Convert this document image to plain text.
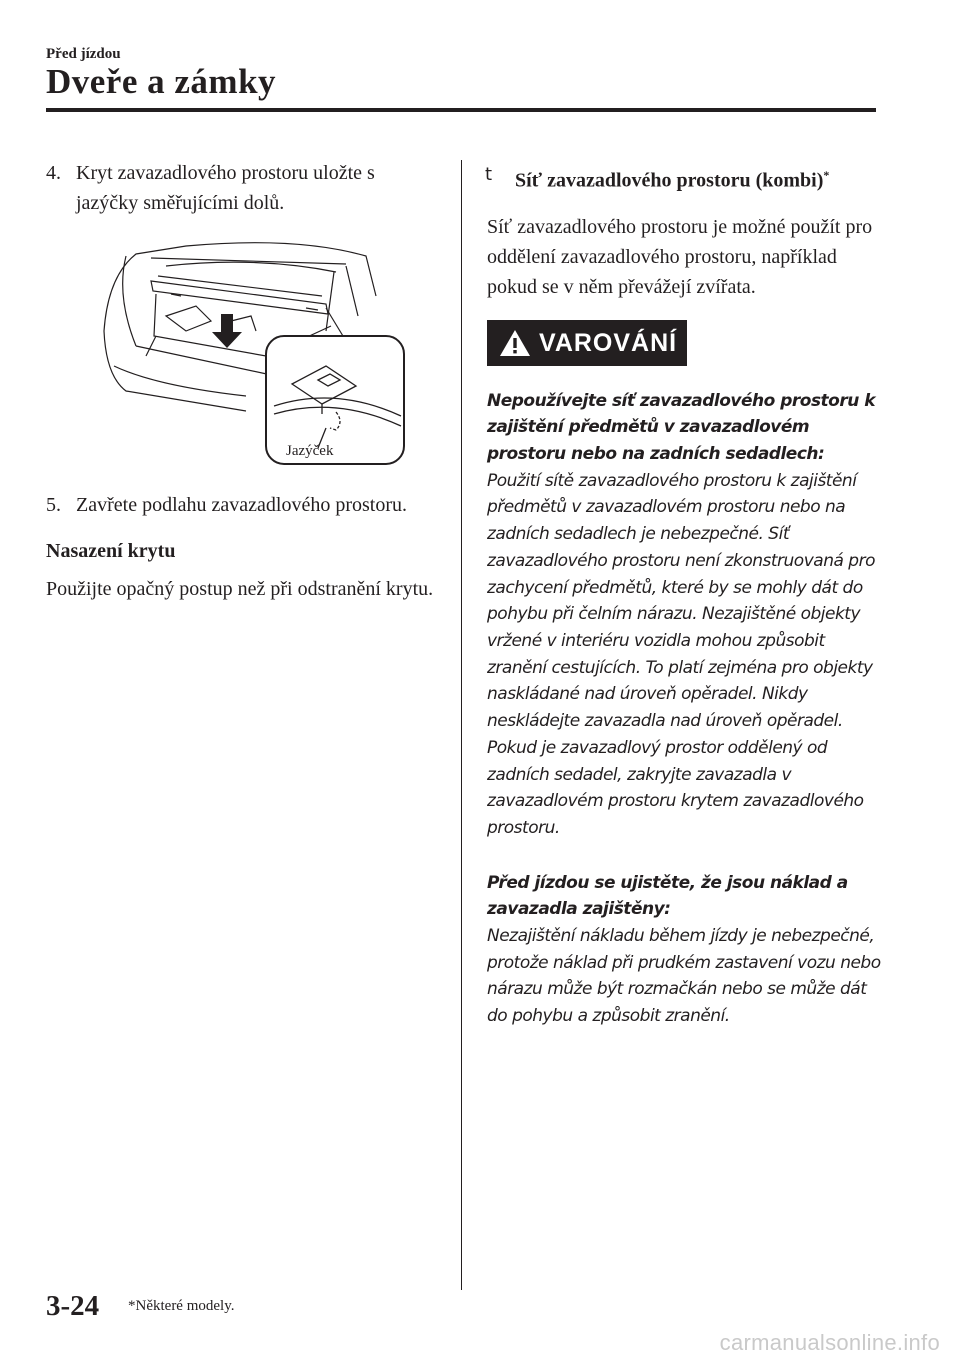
Před jízdou
Dveře a zámky
4. Kryt zavazadlového prostoru uložte s jazýčky směřujícími dolů.
Jazýček
5. Zavřete podlahu zavazadlového prostoru.
Nasazení krytu
Použijte opačný postup než při odstranění krytu.
t Síť zavazadlového prostoru (kombi)*
Síť zavazadlového prostoru je možné použít pro oddělení zavazadlového prostoru, například pokud se v něm převážejí zvířata.
VAROVÁNÍ
Nepoužívejte síť zavazadlového prostoru k zajištění předmětů v zavazadlovém prostoru nebo na zadních sedadlech:
Použití sítě zavazadlového prostoru k zajištění předmětů v zavazadlovém prostoru nebo na zadních sedadlech je nebezpečné. Síť zavazadlového prostoru není zkonstruovaná pro zachycení předmětů, které by se mohly dát do pohybu při čelním nárazu. Nezajištěné objekty vržené v interiéru vozidla mohou způsobit zranění cestujících. To platí zejména pro objekty naskládané nad úroveň opěradel. Nikdy neskládejte zavazadla nad úroveň opěradel. Pokud je zavazadlový prostor oddělený od zadních sedadel, zakryjte zavazadla v zavazadlovém prostoru krytem zavazadlového prostoru.
Před jízdou se ujistěte, že jsou náklad a zavazadla zajištěny:
Nezajištění nákladu během jízdy je nebezpečné, protože náklad při prudkém zastavení vozu nebo nárazu může být rozmačkán nebo se může dát do pohybu a způsobit zranění.
3-24 *Některé modely.
carmanualsonline.info
